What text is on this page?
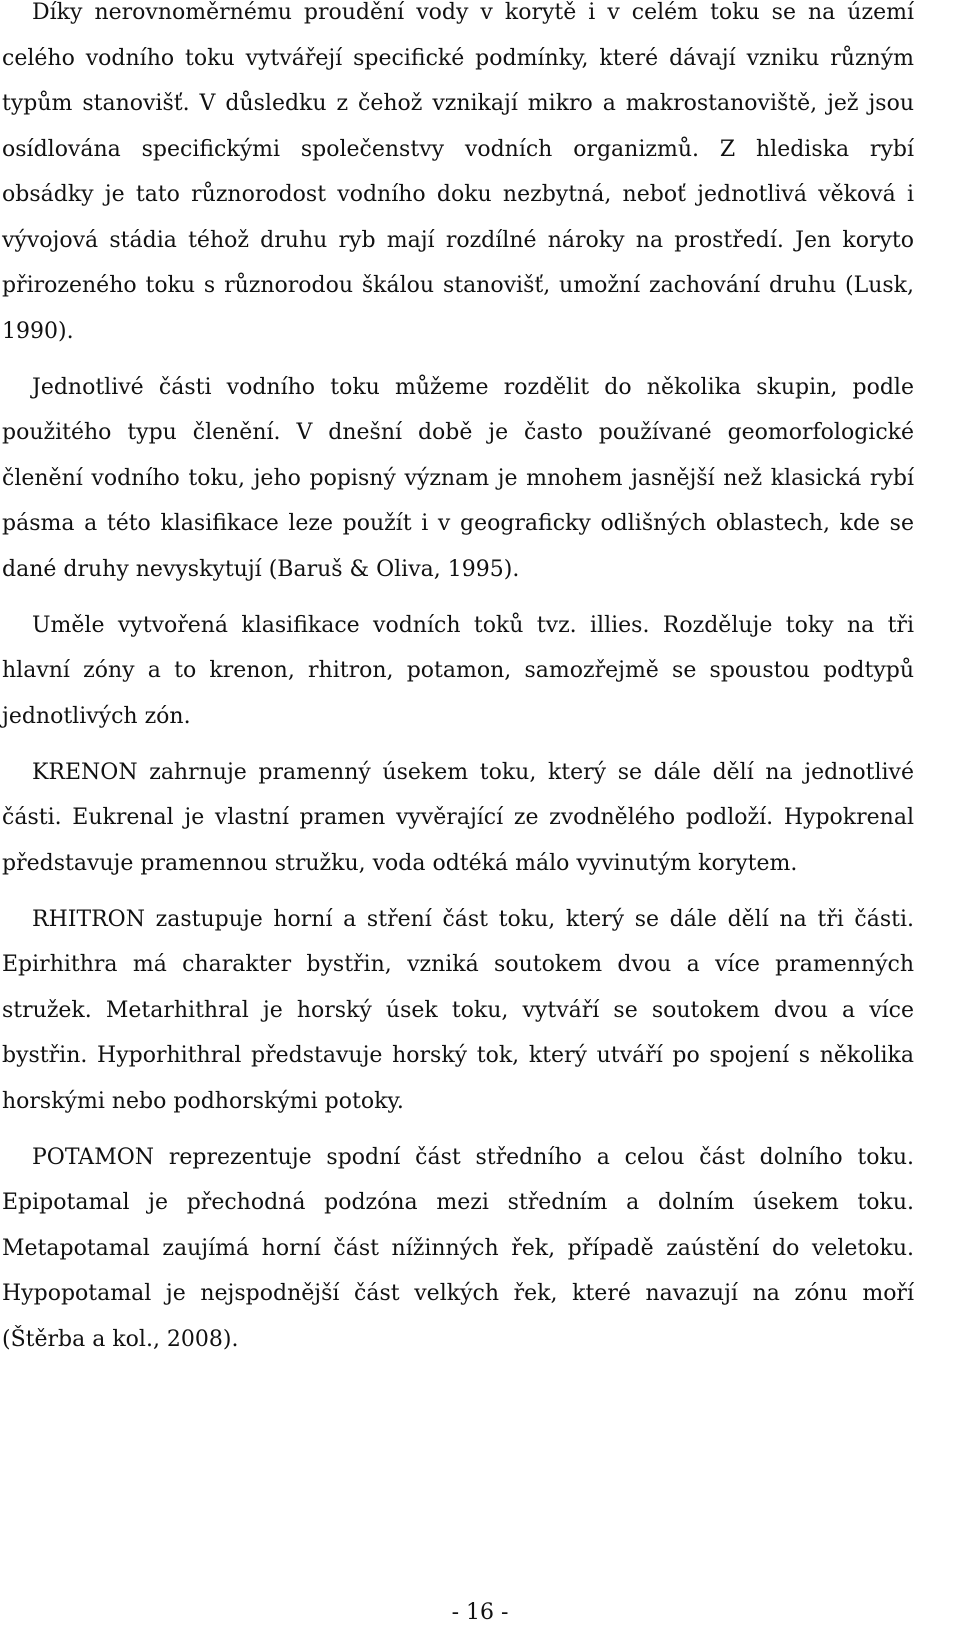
Díky nerovnoměrnému proudění vody v korytě i v celém toku se na území celého vodního toku vytvářejí specifické podmínky, které dávají vzniku různým typům stanovišť. V důsledku z čehož vznikají mikro a makrostanoviště, jež jsou osídlována specifickými společenstvy vodních organizmů. Z hlediska rybí obsádky je tato různorodost vodního doku nezbytná, neboť jednotlivá věková i vývojová stádia téhož druhu ryb mají rozdílné nároky na prostředí. Jen koryto přirozeného toku s různorodou škálou stanovišť, umožní zachování druhu (Lusk, 1990).

Jednotlivé části vodního toku můžeme rozdělit do několika skupin, podle použitého typu členění. V dnešní době je často používané geomorfologické členění vodního toku, jeho popisný význam je mnohem jasnější než klasická rybí pásma a této klasifikace leze použít i v geograficky odlišných oblastech, kde se dané druhy nevyskytují (Baruš & Oliva, 1995).

Uměle vytvořená klasifikace vodních toků tvz. illies. Rozděluje toky na tři hlavní zóny a to krenon, rhitron, potamon, samozřejmě se spoustou podtypů jednotlivých zón.

KRENON zahrnuje pramenný úsekem toku, který se dále dělí na jednotlivé části. Eukrenal je vlastní pramen vyvěrající ze zvodnělého podloží. Hypokrenal představuje pramennou stružku, voda odtéká málo vyvinutým korytem.

RHITRON zastupuje horní a stření část toku, který se dále dělí na tři části. Epirhithra má charakter bystřin, vzniká soutokem dvou a více pramenných stružek. Metarhithral je horský úsek toku, vytváří se soutokem dvou a více bystřin. Hyporhithral představuje horský tok, který utváří po spojení s několika horskými nebo podhorskými potoky.

POTAMON reprezentuje spodní část středního a celou část dolního toku. Epipotamal je přechodná podzóna mezi středním a dolním úsekem toku. Metapotamal zaujímá horní část nížinných řek, případě zaústění do veletoku. Hypopotamal je nejspodnější část velkých řek, které navazují na zónu moří (Štěrba a kol., 2008).

- 16 -
